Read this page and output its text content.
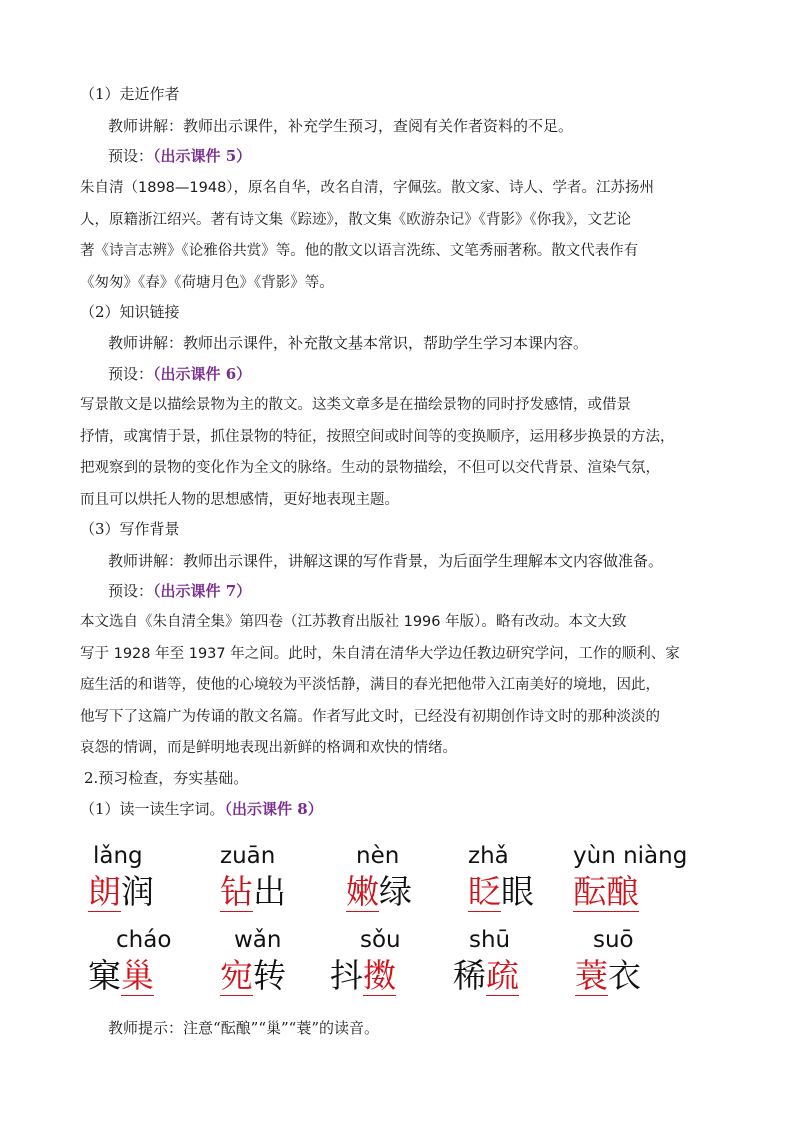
（1）走近作者
教师讲解：教师出示课件，补充学生预习，查阅有关作者资料的不足。
预设：（出示课件 5）

朱自清（1898—1948），原名自华，改名自清，字佩弦。散文家、诗人、学者。江苏扬州

人，原籍浙江绍兴。著有诗文集《踪迹》，散文集《欧游杂记》《背影》《你我》，文艺论

著《诗言志辨》《论雅俗共赏》等。他的散文以语言洗练、文笔秀丽著称。散文代表作有

《匆匆》《春》《荷塘月色》《背影》等。

（2）知识链接
教师讲解：教师出示课件，补充散文基本常识，帮助学生学习本课内容。
预设：（出示课件 6）

写景散文是以描绘景物为主的散文。这类文章多是在描绘景物的同时抒发感情，或借景

抒情，或寓情于景，抓住景物的特征，按照空间或时间等的变换顺序，运用移步换景的方法，

把观察到的景物的变化作为全文的脉络。生动的景物描绘，不但可以交代背景、渲染气氛，

而且可以烘托人物的思想感情，更好地表现主题。

（3）写作背景
教师讲解：教师出示课件，讲解这课的写作背景，为后面学生理解本文内容做准备。
预设：（出示课件 7）

本文选自《朱自清全集》第四卷（江苏教育出版社 1996 年版）。略有改动。本文大致

写于 1928 年至 1937 年之间。此时，朱自清在清华大学边任教边研究学问，工作的顺利、家

庭生活的和谐等，使他的心境较为平淡恬静，满目的春光把他带入江南美好的境地，因此，

他写下了这篇广为传诵的散文名篇。作者写此文时，已经没有初期创作诗文时的那种淡淡的

哀怨的情调，而是鲜明地表现出新鲜的格调和欢快的情绪。

2.预习检查，夯实基础。
（1）读一读生字词。（出示课件 8）
lǎng
朗润
zuān
钻出
nèn
嫩绿
zhǎ
眨眼
yùn niàng
酝酿
cháo
窠巢
wǎn
宛转
sǒu
抖擞
shū
稀疏
suō
蓑衣
教师提示：注意“酝酿”“巢”“蓑”的读音。
